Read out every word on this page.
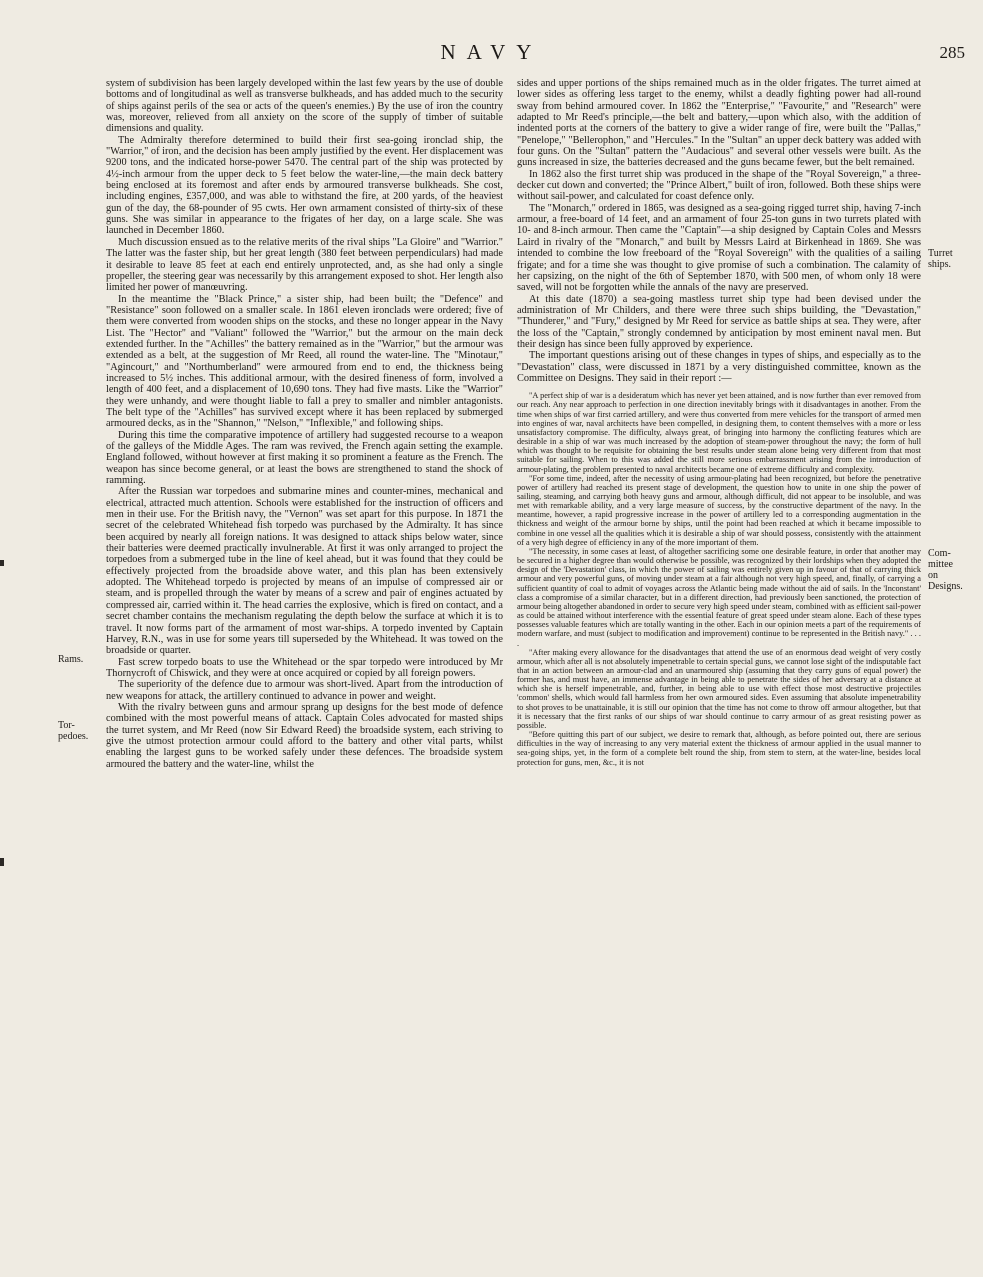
NAVY	285

system of subdivision has been largely developed within the last few years by the use of double bottoms and of longitudinal as well as transverse bulkheads, and has added much to the security of ships against perils of the sea or acts of the queen's enemies.) By the use of iron the country was, moreover, relieved from all anxiety on the score of the supply of timber of suitable dimensions and quality.

The Admiralty therefore determined to build their first sea-going ironclad ship, the "Warrior," of iron, and the decision has been amply justified by the event. Her displacement was 9200 tons, and the indicated horse-power 5470. The central part of the ship was protected by 4½-inch armour from the upper deck to 5 feet below the water-line,—the main deck battery being enclosed at its foremost and after ends by armoured transverse bulkheads. She cost, including engines, £357,000, and was able to withstand the fire, at 200 yards, of the heaviest gun of the day, the 68-pounder of 95 cwts. Her own armament consisted of thirty-six of these guns. She was similar in appearance to the frigates of her day, on a large scale. She was launched in December 1860.

Much discussion ensued as to the relative merits of the rival ships "La Gloire" and "Warrior." The latter was the faster ship, but her great length (380 feet between perpendiculars) had made it desirable to leave 85 feet at each end entirely unprotected, and, as she had only a single propeller, the steering gear was necessarily by this arrangement exposed to shot. Her length also limited her power of manœuvring.

In the meantime the "Black Prince," a sister ship, had been built; the "Defence" and "Resistance" soon followed on a smaller scale. In 1861 eleven ironclads were ordered; five of them were converted from wooden ships on the stocks, and these no longer appear in the Navy List. The "Hector" and "Valiant" followed the "Warrior," but the armour on the main deck extended further. In the "Achilles" the battery remained as in the "Warrior," but the armour was extended as a belt, at the suggestion of Mr Reed, all round the water-line. The "Minotaur," "Agincourt," and "Northumberland" were armoured from end to end, the thickness being increased to 5½ inches. This additional armour, with the desired fineness of form, involved a length of 400 feet, and a displacement of 10,690 tons. They had five masts. Like the "Warrior" they were unhandy, and were thought liable to fall a prey to smaller and nimbler antagonists. The belt type of the "Achilles" has survived except where it has been replaced by submerged armoured decks, as in the "Shannon," "Nelson," "Inflexible," and following ships.

During this time the comparative impotence of artillery had suggested recourse to a weapon of the galleys of the Middle Ages. The ram was revived, the French again setting the example. England followed, without however at first making it so prominent a feature as the French. The weapon has since become general, or at least the bows are strengthened to stand the shock of ramming.

After the Russian war torpedoes and submarine mines and counter-mines, mechanical and electrical, attracted much attention. Schools were established for the instruction of officers and men in their use. For the British navy, the "Vernon" was set apart for this purpose. In 1871 the secret of the celebrated Whitehead fish torpedo was purchased by the Admiralty. It has since been acquired by nearly all foreign nations. It was designed to attack ships below water, since their batteries were deemed practically invulnerable. At first it was only arranged to project the torpedoes from a submerged tube in the line of keel ahead, but it was found that they could be effectively projected from the broadside above water, and this plan has been extensively adopted. The Whitehead torpedo is projected by means of an impulse of compressed air or steam, and is propelled through the water by means of a screw and pair of engines actuated by compressed air, carried within it. The head carries the explosive, which is fired on contact, and a secret chamber contains the mechanism regulating the depth below the surface at which it is to travel. It now forms part of the armament of most war-ships. A torpedo invented by Captain Harvey, R.N., was in use for some years till superseded by the Whitehead. It was towed on the broadside or quarter.

Fast screw torpedo boats to use the Whitehead or the spar torpedo were introduced by Mr Thornycroft of Chiswick, and they were at once acquired or copied by all foreign powers.

The superiority of the defence due to armour was short-lived. Apart from the introduction of new weapons for attack, the artillery continued to advance in power and weight.

With the rivalry between guns and armour sprang up designs for the best mode of defence combined with the most powerful means of attack. Captain Coles advocated for masted ships the turret system, and Mr Reed (now Sir Edward Reed) the broadside system, each striving to give the utmost protection armour could afford to the battery and other vital parts, whilst enabling the largest guns to be worked safely under these defences. The broadside system armoured the battery and the water-line, whilst the

Rams.
Tor-
pedoes.
Turret
ships.
Com-
mittee
on
Designs.

sides and upper portions of the ships remained much as in the older frigates. The turret aimed at lower sides as offering less target to the enemy, whilst a deadly fighting power had all-round sway from behind armoured cover. In 1862 the "Enterprise," "Favourite," and "Research" were adapted to Mr Reed's principle,—the belt and battery,—upon which also, with the addition of indented ports at the corners of the battery to give a wider range of fire, were built the "Pallas," "Penelope," "Bellerophon," and "Hercules." In the "Sultan" an upper deck battery was added with four guns. On the "Sultan" pattern the "Audacious" and several other vessels were built. As the guns increased in size, the batteries decreased and the guns became fewer, but the belt remained.

In 1862 also the first turret ship was produced in the shape of the "Royal Sovereign," a three-decker cut down and converted; the "Prince Albert," built of iron, followed. Both these ships were without sail-power, and calculated for coast defence only.

The "Monarch," ordered in 1865, was designed as a sea-going rigged turret ship, having 7-inch armour, a free-board of 14 feet, and an armament of four 25-ton guns in two turrets plated with 10- and 8-inch armour. Then came the "Captain"—a ship designed by Captain Coles and Messrs Laird in rivalry of the "Monarch," and built by Messrs Laird at Birkenhead in 1869. She was intended to combine the low freeboard of the "Royal Sovereign" with the qualities of a sailing frigate; and for a time she was thought to give promise of such a combination. The calamity of her capsizing, on the night of the 6th of September 1870, with 500 men, of whom only 18 were saved, will not be forgotten while the annals of the navy are preserved.

At this date (1870) a sea-going mastless turret ship type had been devised under the administration of Mr Childers, and there were three such ships building, the "Devastation," "Thunderer," and "Fury," designed by Mr Reed for service as battle ships at sea. They were, after the loss of the "Captain," strongly condemned by anticipation by most eminent naval men. But their design has since been fully approved by experience.

The important questions arising out of these changes in types of ships, and especially as to the "Devastation" class, were discussed in 1871 by a very distinguished committee, known as the Committee on Designs. They said in their report :—

"A perfect ship of war is a desideratum which has never yet been attained, and is now further than ever removed from our reach. Any near approach to perfection in one direction inevitably brings with it disadvantages in another. From the time when ships of war first carried artillery, and were thus converted from mere vehicles for the transport of armed men into engines of war, naval architects have been compelled, in designing them, to content themselves with a more or less unsatisfactory compromise. The difficulty, always great, of bringing into harmony the conflicting features which are desirable in a ship of war was much increased by the adoption of steam-power throughout the navy; the form of hull which was thought to be requisite for obtaining the best results under steam alone being very different from that most suitable for sailing. When to this was added the still more serious embarrassment arising from the introduction of armour-plating, the problem presented to naval architects became one of extreme difficulty and complexity.

"For some time, indeed, after the necessity of using armour-plating had been recognized, but before the penetrative power of artillery had reached its present stage of development, the question how to unite in one ship the power of sailing, steaming, and carrying both heavy guns and armour, although difficult, did not appear to be insoluble, and was met with remarkable ability, and a very large measure of success, by the constructive department of the navy. In the meantime, however, a rapid progressive increase in the power of artillery led to a corresponding augmentation in the thickness and weight of the armour borne by ships, until the point had been reached at which it became impossible to combine in one vessel all the qualities which it is desirable a ship of war should possess, consistently with the attainment of a very high degree of efficiency in any of the more important of them.

"The necessity, in some cases at least, of altogether sacrificing some one desirable feature, in order that another may be secured in a higher degree than would otherwise be possible, was recognized by their lordships when they adopted the design of the 'Devastation' class, in which the power of sailing was entirely given up in favour of that of carrying thick armour and very powerful guns, of moving under steam at a fair although not very high speed, and, finally, of carrying a sufficient quantity of coal to admit of voyages across the Atlantic being made without the aid of sails. In the 'Inconstant' class a compromise of a similar character, but in a different direction, had previously been sanctioned, the protection of armour being altogether abandoned in order to secure very high speed under steam, combined with as efficient sail-power as could be attained without interference with the essential feature of great speed under steam alone. Each of these types possesses valuable features which are totally wanting in the other. Each in our opinion meets a part of the requirements of modern warfare, and must (subject to modification and improvement) continue to be represented in the British navy." . . . .

"After making every allowance for the disadvantages that attend the use of an enormous dead weight of very costly armour, which after all is not absolutely impenetrable to certain special guns, we cannot lose sight of the indisputable fact that in an action between an armour-clad and an unarmoured ship (assuming that they carry guns of equal power) the former has, and must have, an immense advantage in being able to penetrate the sides of her adversary at a distance at which she is herself impenetrable, and, further, in being able to use with effect those most destructive projectiles 'common' shells, which would fall harmless from her own armoured sides. Even assuming that absolute impenetrability to shot proves to be unattainable, it is still our opinion that the time has not come to throw off armour altogether, but that it is necessary that the first ranks of our ships of war should continue to carry armour of as great resisting power as possible.

"Before quitting this part of our subject, we desire to remark that, although, as before pointed out, there are serious difficulties in the way of increasing to any very material extent the thickness of armour applied in the usual manner to sea-going ships, yet, in the form of a complete belt round the ship, from stem to stern, at the water-line, besides local protection for guns, men, &c., it is not
